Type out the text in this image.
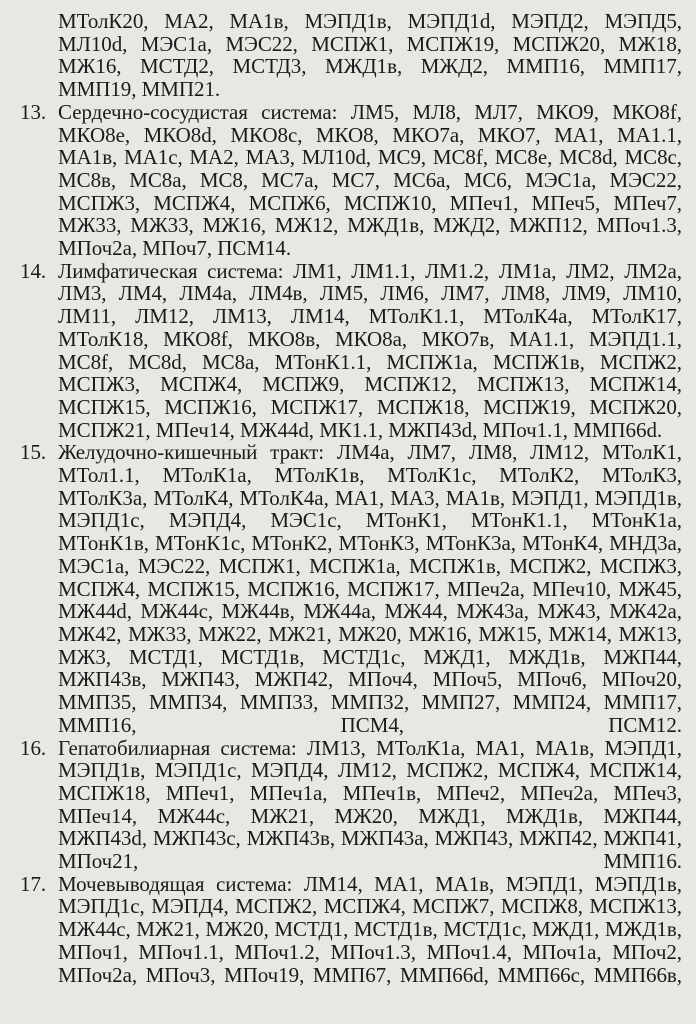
МТолК20, МА2, МА1в, МЭПД1в, МЭПД1d, МЭПД2, МЭПД5, МЛ10d, МЭС1а, МЭС22, МСПЖ1, МСПЖ19, МСПЖ20, МЖ18, МЖ16, МСТД2, МСТД3, МЖД1в, МЖД2, ММП16, ММП17, ММП19, ММП21.
13. Сердечно-сосудистая система: ЛМ5, МЛ8, МЛ7, МКО9, МКО8f, МКО8е, МКО8d, МКО8с, МКО8, МКО7а, МКО7, МА1, МА1.1, МА1в, МА1с, МА2, МА3, МЛ10d, МС9, МС8f, МС8е, МС8d, МС8с, МС8в, МС8а, МС8, МС7а, МС7, МС6а, МС6, МЭС1а, МЭС22, МСПЖ3, МСПЖ4, МСПЖ6, МСПЖ10, МПеч1, МПеч5, МПеч7, МЖ33, МЖ33, МЖ16, МЖ12, МЖД1в, МЖД2, МЖП12, МПоч1.3, МПоч2а, МПоч7, ПСМ14.
14. Лимфатическая система: ЛМ1, ЛМ1.1, ЛМ1.2, ЛМ1а, ЛМ2, ЛМ2а, ЛМ3, ЛМ4, ЛМ4а, ЛМ4в, ЛМ5, ЛМ6, ЛМ7, ЛМ8, ЛМ9, ЛМ10, ЛМ11, ЛМ12, ЛМ13, ЛМ14, МТолК1.1, МТолК4а, МТолК17, МТолК18, МКО8f, МКО8в, МКО8а, МКО7в, МА1.1, МЭПД1.1, МС8f, МС8d, МС8а, МТонК1.1, МСПЖ1а, МСПЖ1в, МСПЖ2, МСПЖ3, МСПЖ4, МСПЖ9, МСПЖ12, МСПЖ13, МСПЖ14, МСПЖ15, МСПЖ16, МСПЖ17, МСПЖ18, МСПЖ19, МСПЖ20, МСПЖ21, МПеч14, МЖ44d, МК1.1, МЖП43d, МПоч1.1, ММП66d.
15. Желудочно-кишечный тракт: ЛМ4а, ЛМ7, ЛМ8, ЛМ12, МТолК1, МТол1.1, МТолК1а, МТолК1в, МТолК1с, МТолК2, МТолК3, МТолК3а, МТолК4, МТолК4а, МА1, МА3, МА1в, МЭПД1, МЭПД1в, МЭПД1с, МЭПД4, МЭС1с, МТонК1, МТонК1.1, МТонК1а, МТонК1в, МТонК1с, МТонК2, МТонК3, МТонК3а, МТонК4, МНД3а, МЭС1а, МЭС22, МСПЖ1, МСПЖ1а, МСПЖ1в, МСПЖ2, МСПЖ3, МСПЖ4, МСПЖ15, МСПЖ16, МСПЖ17, МПеч2а, МПеч10, МЖ45, МЖ44d, МЖ44с, МЖ44в, МЖ44а, МЖ44, МЖ43а, МЖ43, МЖ42а, МЖ42, МЖ33, МЖ22, МЖ21, МЖ20, МЖ16, МЖ15, МЖ14, МЖ13, МЖ3, МСТД1, МСТД1в, МСТД1с, МЖД1, МЖД1в, МЖП44, МЖП43в, МЖП43, МЖП42, МПоч4, МПоч5, МПоч6, МПоч20, ММП35, ММП34, ММП33, ММП32, ММП27, ММП24, ММП17, ММП16, ПСМ4, ПСМ12.
16. Гепатобилиарная система: ЛМ13, МТолК1а, МА1, МА1в, МЭПД1, МЭПД1в, МЭПД1с, МЭПД4, ЛМ12, МСПЖ2, МСПЖ4, МСПЖ14, МСПЖ18, МПеч1, МПеч1а, МПеч1в, МПеч2, МПеч2а, МПеч3, МПеч14, МЖ44с, МЖ21, МЖ20, МЖД1, МЖД1в, МЖП44, МЖП43d, МЖП43с, МЖП43в, МЖП43а, МЖП43, МЖП42, МЖП41, МПоч21, ММП16.
17. Мочевыводящая система: ЛМ14, МА1, МА1в, МЭПД1, МЭПД1в, МЭПД1с, МЭПД4, МСПЖ2, МСПЖ4, МСПЖ7, МСПЖ8, МСПЖ13, МЖ44с, МЖ21, МЖ20, МСТД1, МСТД1в, МСТД1с, МЖД1, МЖД1в, МПоч1, МПоч1.1, МПоч1.2, МПоч1.3, МПоч1.4, МПоч1а, МПоч2, МПоч2а, МПоч3, МПоч19, ММП67, ММП66d, ММП66с, ММП66в,
